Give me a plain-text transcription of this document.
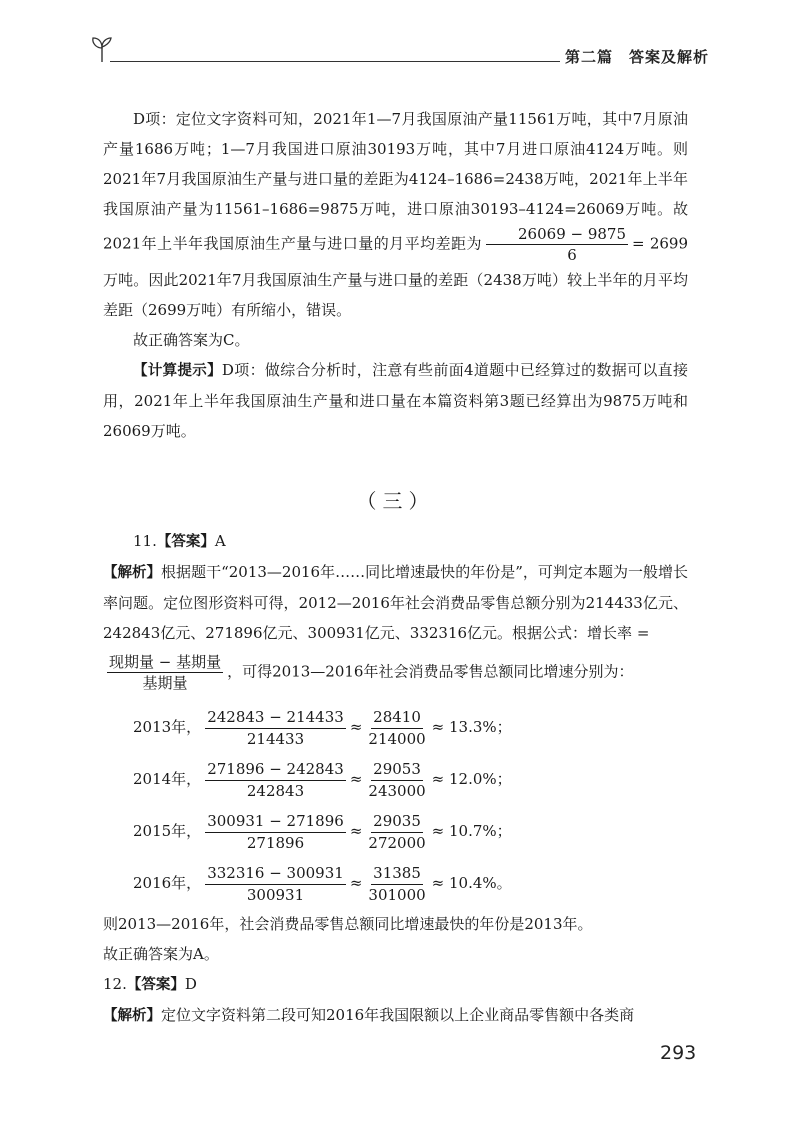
第二篇　答案及解析

D项：定位文字资料可知，2021年1—7月我国原油产量11561万吨，其中7月原油产量1686万吨；1—7月我国进口原油30193万吨，其中7月进口原油4124万吨。则2021年7月我国原油生产量与进口量的差距为4124–1686=2438万吨，2021年上半年我国原油产量为11561–1686=9875万吨，进口原油30193–4124=26069万吨。故2021年上半年我国原油生产量与进口量的月平均差距为 $\frac{26069 - 9875}{6} = 2699$万吨。因此2021年7月我国原油生产量与进口量的差距（2438万吨）较上半年的月平均差距（2699万吨）有所缩小，错误。

故正确答案为C。

【计算提示】D项：做综合分析时，注意有些前面4道题中已经算过的数据可以直接用，2021年上半年我国原油生产量和进口量在本篇资料第3题已经算出为9875万吨和26069万吨。

（三）

11.【答案】A

【解析】根据题干“2013—2016年……同比增速最快的年份是”，可判定本题为一般增长率问题。定位图形资料可得，2012—2016年社会消费品零售总额分别为214433亿元、242843亿元、271896亿元、300931亿元、332316亿元。根据公式：增长率 =

$\frac{\text{现期量 − 基期量}}{\text{基期量}}$ ，可得2013—2016年社会消费品零售总额同比增速分别为：

2013年， $\frac{242843 - 214433}{214433} \approx \frac{28410}{214000} \approx 13.3\%$；
2014年， $\frac{271896 - 242843}{242843} \approx \frac{29053}{243000} \approx 12.0\%$；
2015年， $\frac{300931 - 271896}{271896} \approx \frac{29035}{272000} \approx 10.7\%$；
2016年， $\frac{332316 - 300931}{300931} \approx \frac{31385}{301000} \approx 10.4\%$。

则2013—2016年，社会消费品零售总额同比增速最快的年份是2013年。

故正确答案为A。

12.【答案】D

【解析】定位文字资料第二段可知2016年我国限额以上企业商品零售额中各类商

293
